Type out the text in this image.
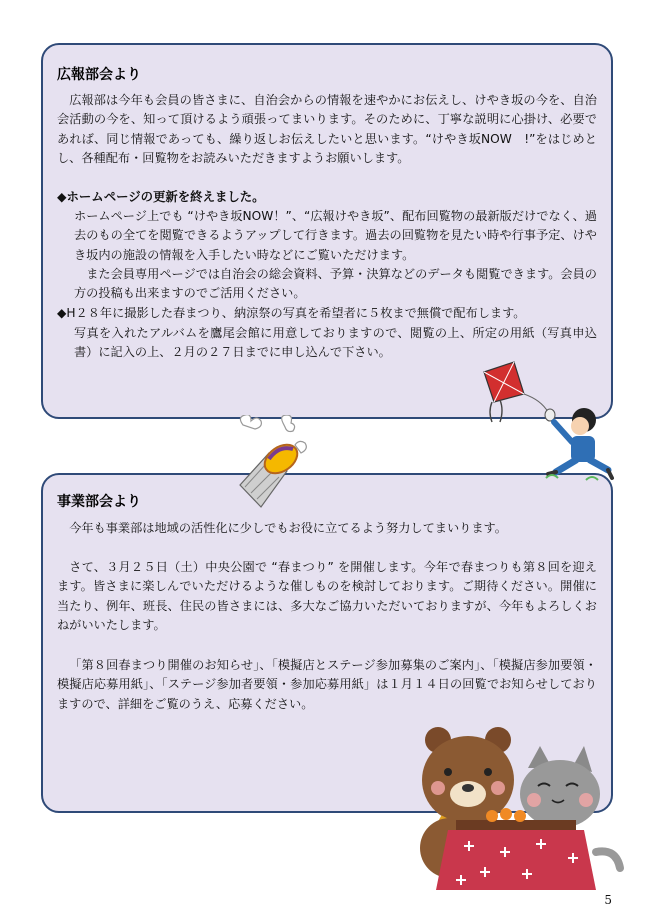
広報部会より
広報部は今年も会員の皆さまに、自治会からの情報を速やかにお伝えし、けやき坂の今を、自治会活動の今を、知って頂けるよう頑張ってまいります。そのために、丁寧な説明に心掛け、必要であれば、同じ情報であっても、繰り返しお伝えしたいと思います。“けやき坂NOW　!”をはじめとし、各種配布・回覧物をお読みいただきますようお願いします。
◆ホームページの更新を終えました。
ホームページ上でも “けやき坂NOW！”、“広報けやき坂”、配布回覧物の最新版だけでなく、過去のもの全てを閲覧できるようアップして行きます。過去の回覧物を見たい時や行事予定、けやき坂内の施設の情報を入手したい時などにご覧いただけます。
また会員専用ページでは自治会の総会資料、予算・決算などのデータも閲覧できます。会員の方の投稿も出来ますのでご活用ください。
◆H２８年に撮影した春まつり、納涼祭の写真を希望者に５枚まで無償で配布します。
写真を入れたアルバムを鷹尾会館に用意しておりますので、閲覧の上、所定の用紙（写真申込書）に記入の上、２月の２７日までに申し込んで下さい。
事業部会より
今年も事業部は地域の活性化に少しでもお役に立てるよう努力してまいります。
さて、３月２５日（土）中央公園で “春まつり” を開催します。今年で春まつりも第８回を迎えます。皆さまに楽しんでいただけるような催しものを検討しております。ご期待ください。開催に当たり、例年、班長、住民の皆さまには、多大なご協力いただいておりますが、今年もよろしくおねがいいたします。
「第８回春まつり開催のお知らせ」、「模擬店とステージ参加募集のご案内」、「模擬店参加要領・模擬店応募用紙」、「ステージ参加者要領・参加応募用紙」は１月１４日の回覧でお知らせしておりますので、詳細をご覧のうえ、応募ください。
5
